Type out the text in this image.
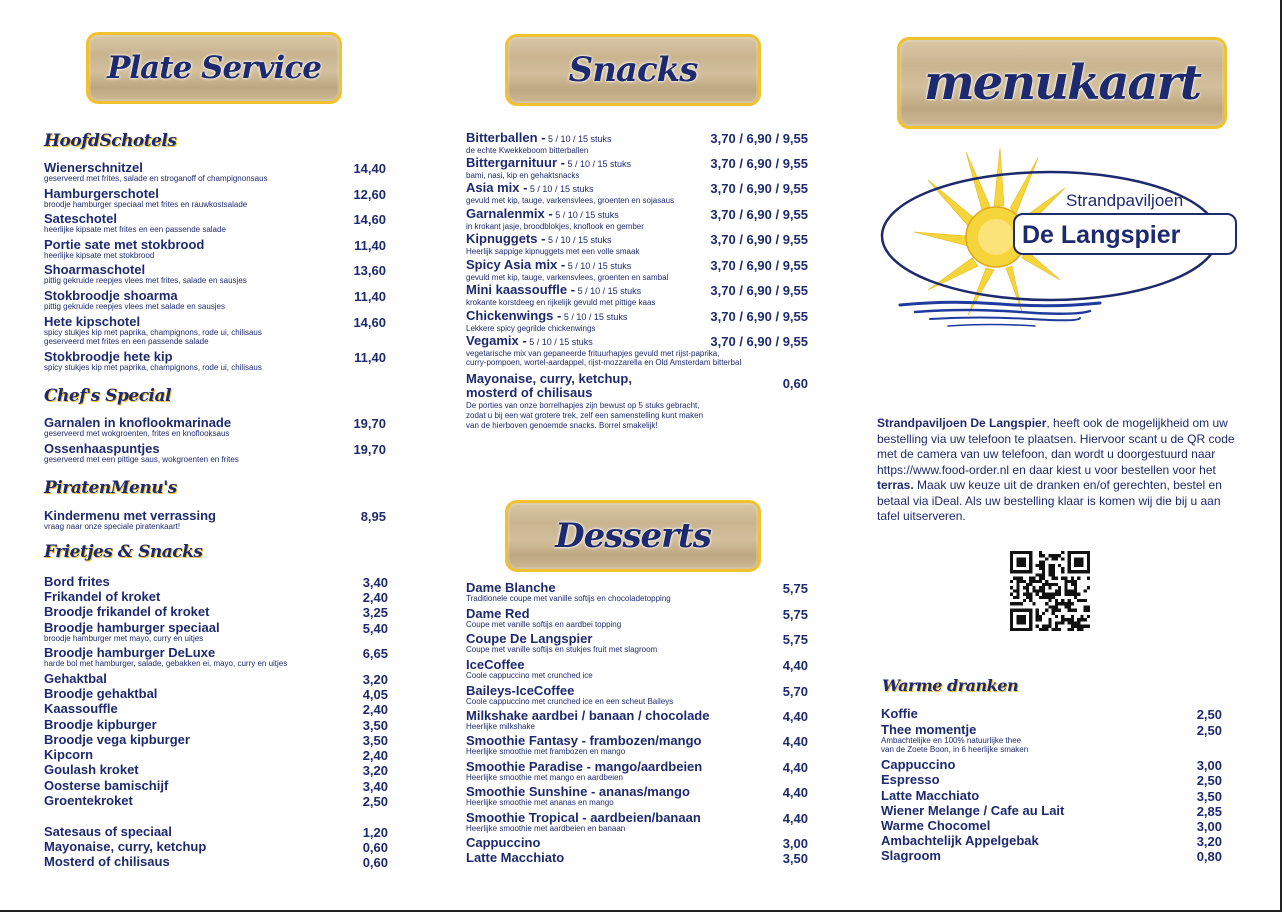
Plate Service
HoofdSchotels
Wienerschnitzel
geserveerd met frites, salade en stroganoff of champignonsaus
14,40
Hamburgerschotel
broodje hamburger speciaal met frites en rauwkostsalade
12,60
Sateschotel
heerlijke kipsate met frites en een passende salade
14,60
Portie sate met stokbrood
heerlijke kipsate met stokbrood
11,40
Shoarmaschotel
pittig gekruide reepjes vlees met frites, salade en sausjes
13,60
Stokbroodje shoarma
pittig gekruide reepjes vlees met salade en sausjes
11,40
Hete kipschotel
spicy stukjes kip met paprika, champignons, rode ui, chilisaus
geserveerd met frites en een passende salade
14,60
Stokbroodje hete kip
spicy stukjes kip met paprika, champignons, rode ui, chilisaus
11,40
Chef's Special
Garnalen in knoflookmarinade
geserveerd met wokgroenten, frites en knoflooksaus
19,70
Ossenhaaspuntjes
geserveerd met een pittige saus, wokgroenten en frites
19,70
PiratenMenu's
Kindermenu met verrassing
vraag naar onze speciale piratenkaart!
8,95
Frietjes & Snacks
Bord frites	3,40
Frikandel of kroket	2,40
Broodje frikandel of kroket	3,25
Broodje hamburger speciaal
broodje hamburger met mayo, curry en uitjes
5,40
Broodje hamburger DeLuxe
harde bol met hamburger, salade, gebakken ei, mayo, curry en uitjes
6,65
Gehaktbal	3,20
Broodje gehaktbal	4,05
Kaassouffle	2,40
Broodje kipburger	3,50
Broodje vega kipburger	3,50
Kipcorn	2,40
Goulash kroket	3,20
Oosterse bamischijf	3,40
Groentekroket	2,50
Satesaus of speciaal	1,20
Mayonaise, curry, ketchup	0,60
Mosterd of chilisaus	0,60
Snacks
Bitterballen - 5 / 10 / 15 stuks
de echte Kwekkeboom bitterballen
3,70 / 6,90 / 9,55
Bittergarnituur - 5 / 10 / 15 stuks
bami, nasi, kip en gehaktsnacks
3,70 / 6,90 / 9,55
Asia mix - 5 / 10 / 15 stuks
gevuld met kip, tauge, varkensvlees, groenten en sojasaus
3,70 / 6,90 / 9,55
Garnalenmix - 5 / 10 / 15 stuks
in krokant jasje, broodblokjes, knoflook en gember
3,70 / 6,90 / 9,55
Kipnuggets - 5 / 10 / 15 stuks
Heerlijk sappige kipnuggets met een volle smaak
3,70 / 6,90 / 9,55
Spicy Asia mix - 5 / 10 / 15 stuks
gevuld met kip, tauge, varkensvlees, groenten en sambal
3,70 / 6,90 / 9,55
Mini kaassouffle - 5 / 10 / 15 stuks
krokante korstdeeg en rijkelijk gevuld met pittige kaas
3,70 / 6,90 / 9,55
Chickenwings - 5 / 10 / 15 stuks
Lekkere spicy gegrilde chickenwings
3,70 / 6,90 / 9,55
Vegamix - 5 / 10 / 15 stuks
vegetarische mix van gepaneerde frituurhapjes gevuld met rijst-paprika,
curry-pompoen, wortel-aardappel, rijst-mozzarella en Old Amsterdam bitterbal
3,70 / 6,90 / 9,55
Mayonaise, curry, ketchup,
mosterd of chilisaus
De porties van onze borrelhapjes zijn bewust op 5 stuks gebracht,
zodat u bij een wat grotere trek, zelf een samenstelling kunt maken
van de hierboven genoemde snacks. Borrel smakelijk!
0,60
Desserts
Dame Blanche
Traditionele coupe met vanille softijs en chocoladetopping
5,75
Dame Red
Coupe met vanille softijs en aardbei topping
5,75
Coupe De Langspier
Coupe met vanille softijs en stukjes fruit met slagroom
5,75
IceCoffee
Coole cappuccino met crunched ice
4,40
Baileys-IceCoffee
Coole cappuccino met crunched ice en een scheut Baileys
5,70
Milkshake aardbei / banaan / chocolade
Heerlijke milkshake
4,40
Smoothie Fantasy - frambozen/mango
Heerlijke smoothie met frambozen en mango
4,40
Smoothie Paradise - mango/aardbeien
Heerlijke smoothie met mango en aardbeien
4,40
Smoothie Sunshine - ananas/mango
Heerlijke smoothie met ananas en mango
4,40
Smoothie Tropical - aardbeien/banaan
Heerlijke smoothie met aardbeien en banaan
4,40
Cappuccino	3,00
Latte Macchiato	3,50
menukaart
Strandpaviljoen
De Langspier
Strandpaviljoen De Langspier, heeft ook de mogelijkheid om uw bestelling via uw telefoon te plaatsen. Hiervoor scant u de QR code met de camera van uw telefoon, dan wordt u doorgestuurd naar https://www.food-order.nl en daar kiest u voor bestellen voor het terras. Maak uw keuze uit de dranken en/of gerechten, bestel en betaal via iDeal. Als uw bestelling klaar is komen wij die bij u aan tafel uitserveren.
Warme dranken
Koffie	2,50
Thee momentje
Ambachtelijke en 100% natuurlijke thee
van de Zoete Boon, in 6 heerlijke smaken
2,50
Cappuccino	3,00
Espresso	2,50
Latte Macchiato	3,50
Wiener Melange / Cafe au Lait	2,85
Warme Chocomel	3,00
Ambachtelijk Appelgebak	3,20
Slagroom	0,80
